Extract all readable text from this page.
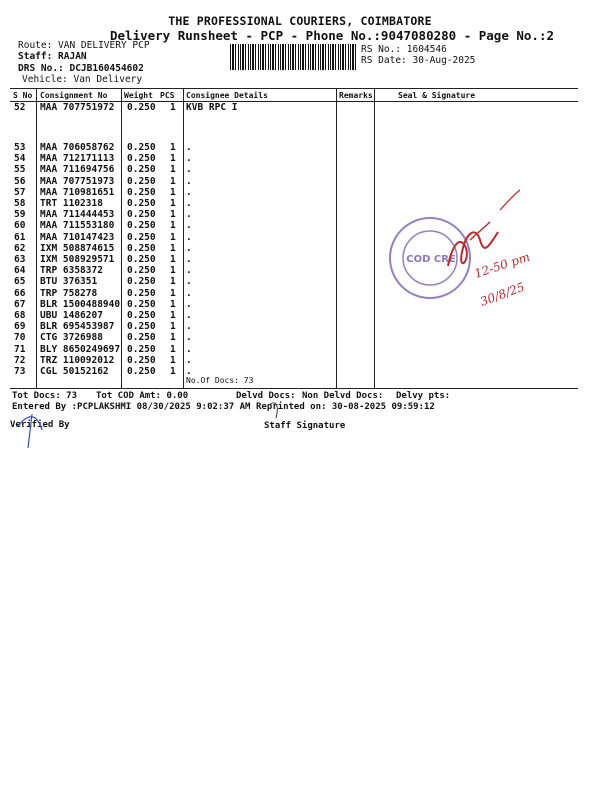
THE PROFESSIONAL COURIERS, COIMBATORE
Delivery Runsheet - PCP - Phone No.:9047080280 - Page No.:2
Route: VAN DELIVERY PCP
Staff: RAJAN
DRS No.: DCJB160454602
Vehicle: Van Delivery
RS No.: 1604546
RS Date: 30-Aug-2025
S No Consignment No Weight PCS Consignee Details	Remarks	Seal & Signature
52 MAA 707751972 0.250 1 KVB RPC I
53 MAA 706058762 0.250 1 .
54 MAA 712171113 0.250 1 .
55 MAA 711694756 0.250 1 .
56 MAA 707751973 0.250 1 .
57 MAA 710981651 0.250 1 .
58 TRT 1102318	0.250 1 .
59 MAA 711444453 0.250 1 .
60 MAA 711553180 0.250 1 .
61 MAA 710147423 0.250 1 .
62 IXM 508874615 0.250 1 .
63 IXM 508929571 0.250 1 .
64 TRP 6358372	0.250 1 .
65 BTU 376351	0.250 1 .
66 TRP 758278	0.250 1 .
67 BLR 1500488940 0.250 1 .
68 UBU 1486207	0.250 1 .
69 BLR 695453987 0.250 1 .
70 CTG 3726988	0.250 1 .
71 BLY 8650249697 0.250 1 .
72 TRZ 110092012 0.250 1 .
73 CGL 50152162 0.250 1 .
No.Of Docs: 73
Tot Docs: 73 Tot COD Amt: 0.00	Delvd Docs: Non Delvd Docs: Delvy pts:
Entered By :PCPLAKSHMI 08/30/2025 9:02:37 AM Reprinted on: 30-08-2025 09:59:12
Verified By	Staff Signature
COD CRE 12-50 pm
30/8/25
